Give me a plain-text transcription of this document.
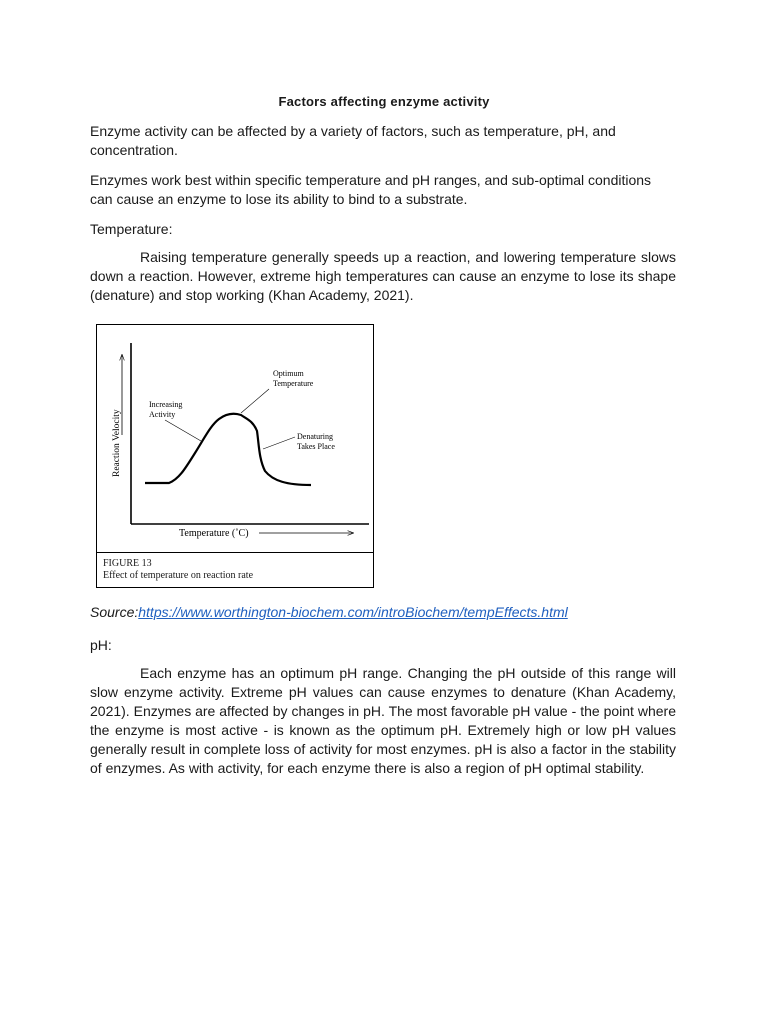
Factors affecting enzyme activity

Enzyme activity can be affected by a variety of factors, such as temperature, pH, and concentration.

Enzymes work best within specific temperature and pH ranges, and sub-optimal conditions can cause an enzyme to lose its ability to bind to a substrate.

Temperature:

Raising temperature generally speeds up a reaction, and lowering temperature slows down a reaction. However, extreme high temperatures can cause an enzyme to lose its shape (denature) and stop working (Khan Academy, 2021).

Reaction Velocity
Temperature (˚C)
Increasing Activity
Optimum Temperature
Denaturing Takes Place
FIGURE 13
Effect of temperature on reaction rate
Source:https://www.worthington-biochem.com/introBiochem/tempEffects.html

pH:

Each enzyme has an optimum pH range. Changing the pH outside of this range will slow enzyme activity. Extreme pH values can cause enzymes to denature (Khan Academy, 2021). Enzymes are affected by changes in pH. The most favorable pH value - the point where the enzyme is most active - is known as the optimum pH. Extremely high or low pH values generally result in complete loss of activity for most enzymes. pH is also a factor in the stability of enzymes. As with activity, for each enzyme there is also a region of pH optimal stability.
